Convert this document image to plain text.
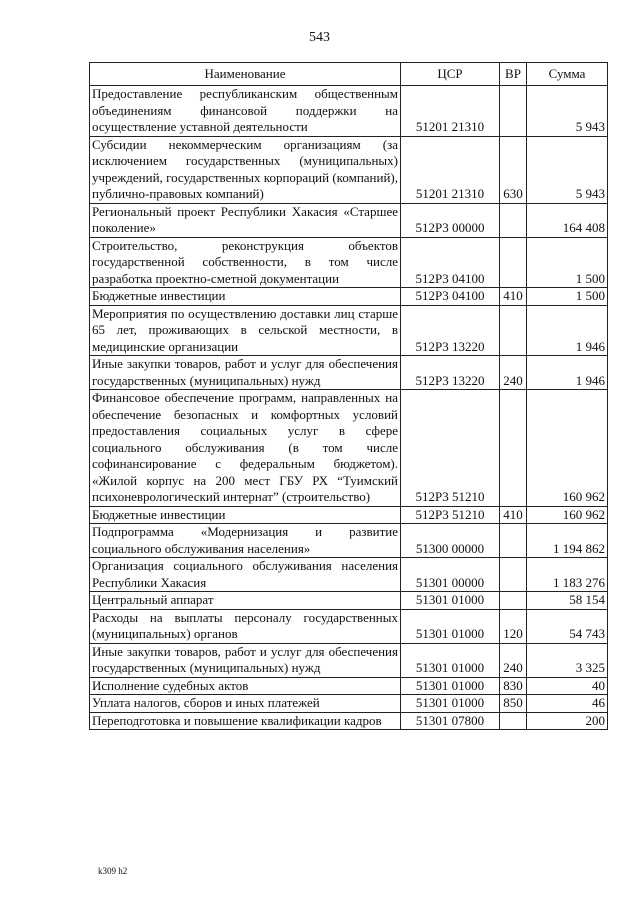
543
Наименование	ЦСР	ВР	Сумма
Предоставление республиканским общественным объединениям финансовой поддержки на осуществление уставной деятельности	51201 21310		5 943
Субсидии некоммерческим организациям (за исключением государственных (муниципальных) учреждений, государственных корпораций (компаний), публично-правовых компаний)	51201 21310	630	5 943
Региональный проект Республики Хакасия «Старшее поколение»	512P3 00000		164 408
Строительство, реконструкция объектов государственной собственности, в том числе разработка проектно-сметной документации	512P3 04100		1 500
Бюджетные инвестиции	512P3 04100	410	1 500
Мероприятия по осуществлению доставки лиц старше 65 лет, проживающих в сельской местности, в медицинские организации	512P3 13220		1 946
Иные закупки товаров, работ и услуг для обеспечения государственных (муниципальных) нужд	512P3 13220	240	1 946
Финансовое обеспечение программ, направленных на обеспечение безопасных и комфортных условий предоставления социальных услуг в сфере социального обслуживания (в том числе софинансирование с федеральным бюджетом). «Жилой корпус на 200 мест ГБУ РХ “Туимский психоневрологический интернат” (строительство)	512P3 51210		160 962
Бюджетные инвестиции	512P3 51210	410	160 962
Подпрограмма «Модернизация и развитие социального обслуживания населения»	51300 00000		1 194 862
Организация социального обслуживания населения Республики Хакасия	51301 00000		1 183 276
Центральный аппарат	51301 01000		58 154
Расходы на выплаты персоналу государственных (муниципальных) органов	51301 01000	120	54 743
Иные закупки товаров, работ и услуг для обеспечения государственных (муниципальных) нужд	51301 01000	240	3 325
Исполнение судебных актов	51301 01000	830	40
Уплата налогов, сборов и иных платежей	51301 01000	850	46
Переподготовка и повышение квалификации кадров	51301 07800		200
k309 h2
